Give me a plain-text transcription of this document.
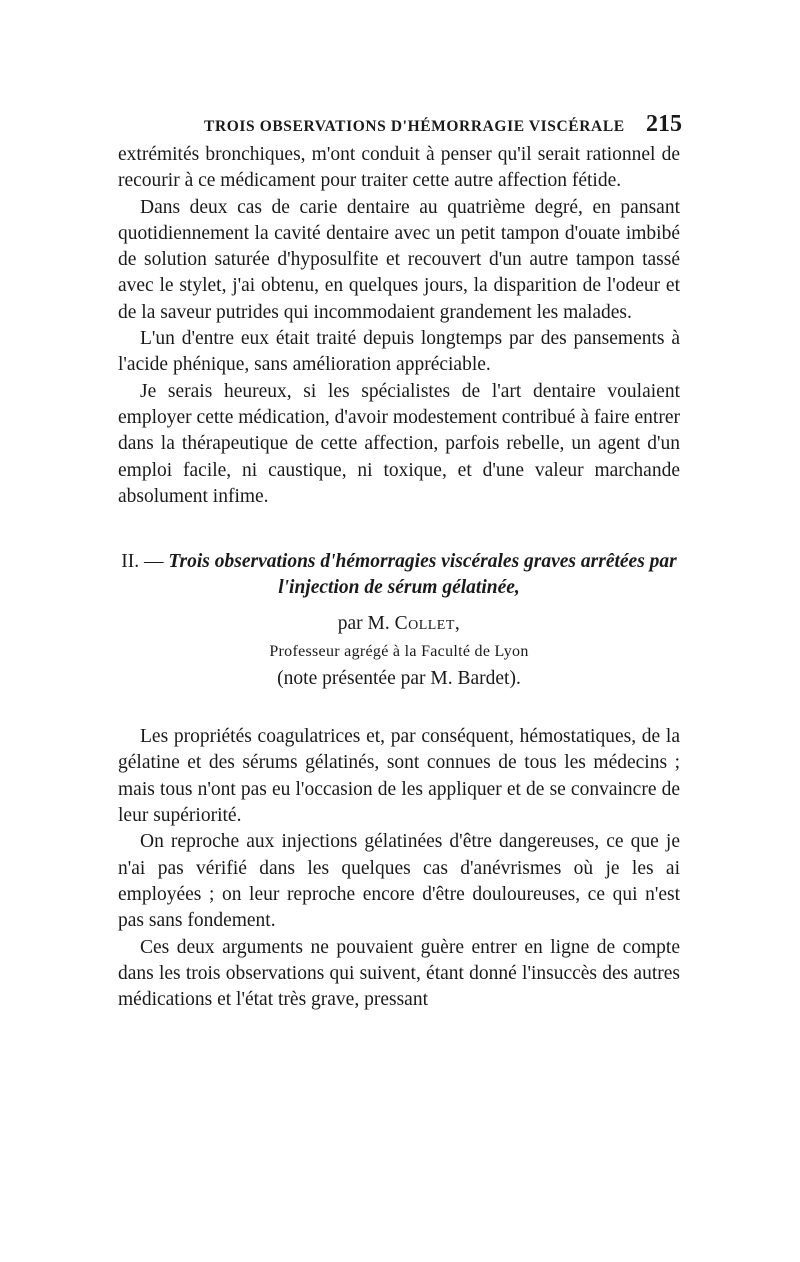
TROIS OBSERVATIONS D'HÉMORRAGIE VISCÉRALE 215

extrémités bronchiques, m'ont conduit à penser qu'il serait rationnel de recourir à ce médicament pour traiter cette autre affection fétide.

Dans deux cas de carie dentaire au quatrième degré, en pansant quotidiennement la cavité dentaire avec un petit tampon d'ouate imbibé de solution saturée d'hyposulfite et recouvert d'un autre tampon tassé avec le stylet, j'ai obtenu, en quelques jours, la disparition de l'odeur et de la saveur putrides qui incommodaient grandement les malades.

L'un d'entre eux était traité depuis longtemps par des pansements à l'acide phénique, sans amélioration appréciable.

Je serais heureux, si les spécialistes de l'art dentaire voulaient employer cette médication, d'avoir modestement contribué à faire entrer dans la thérapeutique de cette affection, parfois rebelle, un agent d'un emploi facile, ni caustique, ni toxique, et d'une valeur marchande absolument infime.

II. — Trois observations d'hémorragies viscérales graves arrêtées par l'injection de sérum gélatinée,

par M. Collet,

Professeur agrégé à la Faculté de Lyon

(note présentée par M. Bardet).

Les propriétés coagulatrices et, par conséquent, hémostatiques, de la gélatine et des sérums gélatinés, sont connues de tous les médecins ; mais tous n'ont pas eu l'occasion de les appliquer et de se convaincre de leur supériorité.

On reproche aux injections gélatinées d'être dangereuses, ce que je n'ai pas vérifié dans les quelques cas d'anévrismes où je les ai employées ; on leur reproche encore d'être douloureuses, ce qui n'est pas sans fondement.

Ces deux arguments ne pouvaient guère entrer en ligne de compte dans les trois observations qui suivent, étant donné l'insuccès des autres médications et l'état très grave, pressant
